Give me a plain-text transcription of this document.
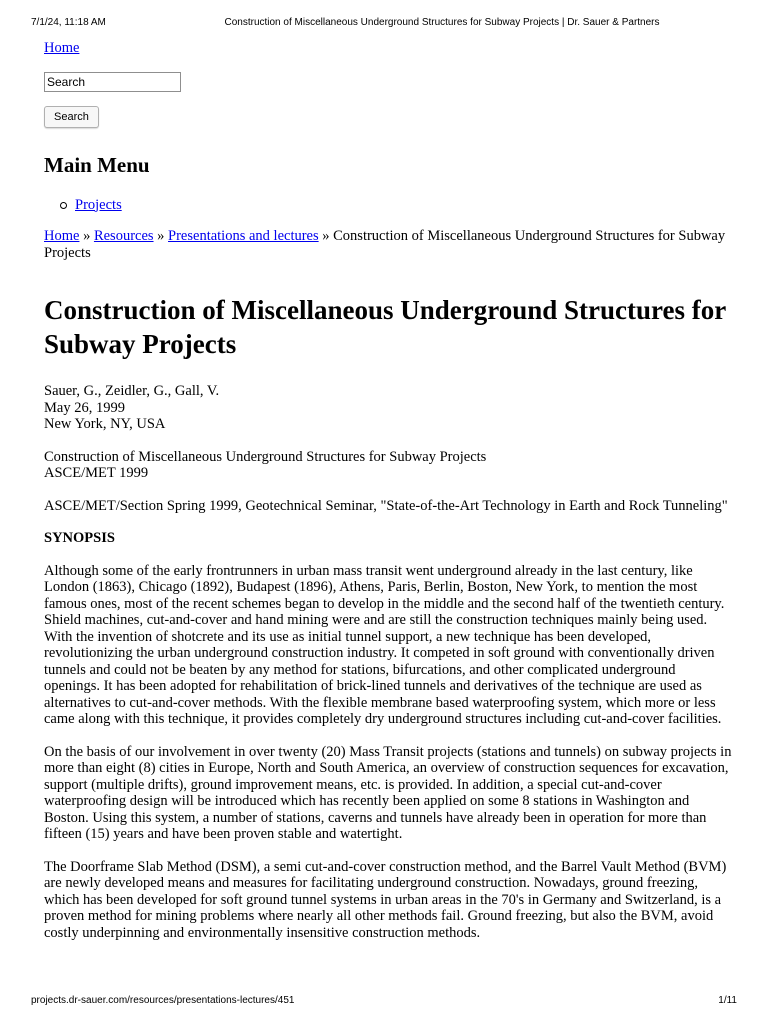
7/1/24, 11:18 AM	Construction of Miscellaneous Underground Structures for Subway Projects | Dr. Sauer & Partners
Home
Search
Search
Main Menu
Projects
Home » Resources » Presentations and lectures » Construction of Miscellaneous Underground Structures for Subway Projects
Construction of Miscellaneous Underground Structures for Subway Projects
Sauer, G., Zeidler, G., Gall, V.
May 26, 1999
New York, NY, USA
Construction of Miscellaneous Underground Structures for Subway Projects
ASCE/MET 1999
ASCE/MET/Section Spring 1999, Geotechnical Seminar, "State-of-the-Art Technology in Earth and Rock Tunneling"
SYNOPSIS

Although some of the early frontrunners in urban mass transit went underground already in the last century, like London (1863), Chicago (1892), Budapest (1896), Athens, Paris, Berlin, Boston, New York, to mention the most famous ones, most of the recent schemes began to develop in the middle and the second half of the twentieth century. Shield machines, cut-and-cover and hand mining were and are still the construction techniques mainly being used. With the invention of shotcrete and its use as initial tunnel support, a new technique has been developed, revolutionizing the urban underground construction industry. It competed in soft ground with conventionally driven tunnels and could not be beaten by any method for stations, bifurcations, and other complicated underground openings. It has been adopted for rehabilitation of brick-lined tunnels and derivatives of the technique are used as alternatives to cut-and-cover methods. With the flexible membrane based waterproofing system, which more or less came along with this technique, it provides completely dry underground structures including cut-and-cover facilities.

On the basis of our involvement in over twenty (20) Mass Transit projects (stations and tunnels) on subway projects in more than eight (8) cities in Europe, North and South America, an overview of construction sequences for excavation, support (multiple drifts), ground improvement means, etc. is provided. In addition, a special cut-and-cover waterproofing design will be introduced which has recently been applied on some 8 stations in Washington and Boston. Using this system, a number of stations, caverns and tunnels have already been in operation for more than fifteen (15) years and have been proven stable and watertight.

The Doorframe Slab Method (DSM), a semi cut-and-cover construction method, and the Barrel Vault Method (BVM) are newly developed means and measures for facilitating underground construction. Nowadays, ground freezing, which has been developed for soft ground tunnel systems in urban areas in the 70's in Germany and Switzerland, is a proven method for mining problems where nearly all other methods fail. Ground freezing, but also the BVM, avoid costly underpinning and environmentally insensitive construction methods.

projects.dr-sauer.com/resources/presentations-lectures/451	1/11
